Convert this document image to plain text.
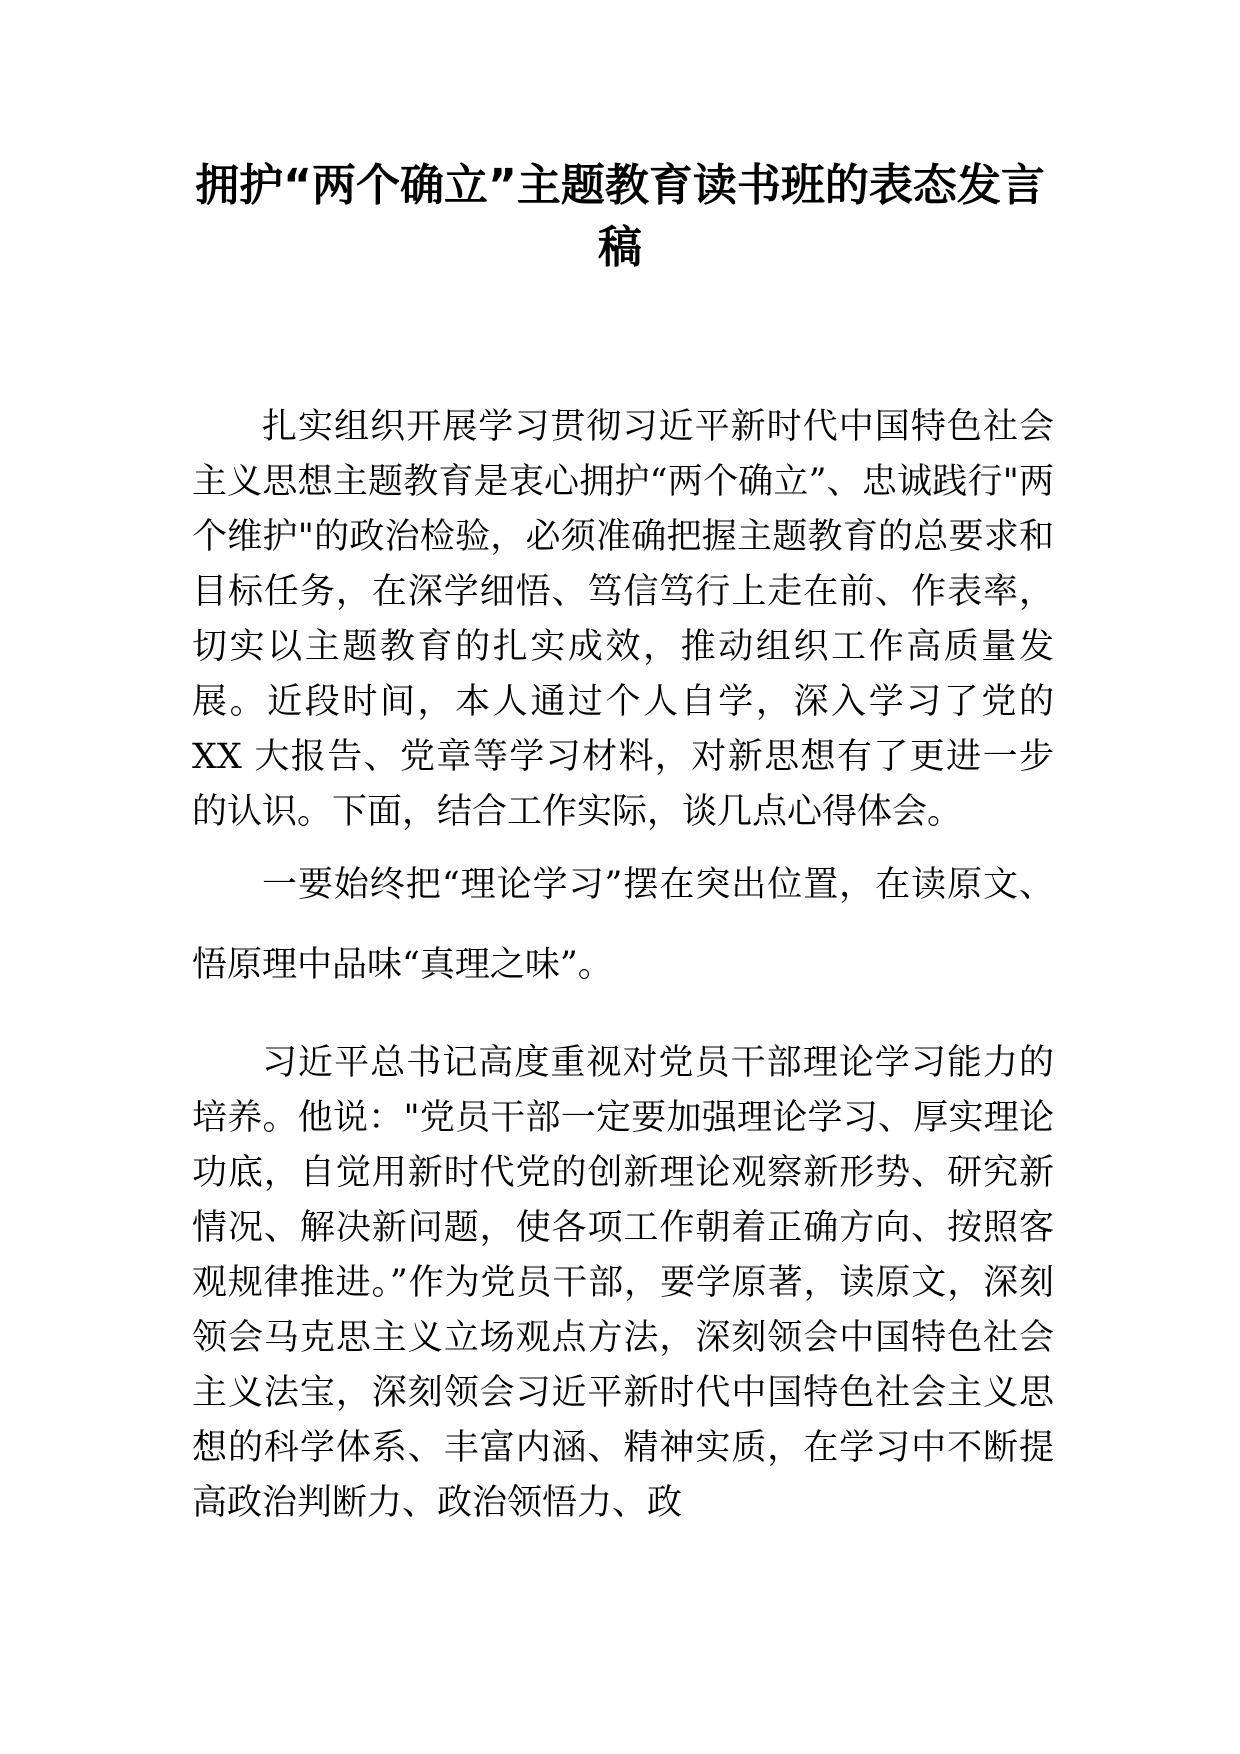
拥护“两个确立”主题教育读书班的表态发言稿

扎实组织开展学习贯彻习近平新时代中国特色社会主义思想主题教育是衷心拥护“两个确立”、忠诚践行"两个维护"的政治检验，必须准确把握主题教育的总要求和目标任务，在深学细悟、笃信笃行上走在前、作表率，切实以主题教育的扎实成效，推动组织工作高质量发展。近段时间，本人通过个人自学，深入学习了党的 XX 大报告、党章等学习材料，对新思想有了更进一步的认识。下面，结合工作实际，谈几点心得体会。

一要始终把“理论学习”摆在突出位置，在读原文、悟原理中品味“真理之味”。

习近平总书记高度重视对党员干部理论学习能力的培养。他说："党员干部一定要加强理论学习、厚实理论功底，自觉用新时代党的创新理论观察新形势、研究新情况、解决新问题，使各项工作朝着正确方向、按照客观规律推进。”作为党员干部，要学原著，读原文，深刻领会马克思主义立场观点方法，深刻领会中国特色社会主义法宝，深刻领会习近平新时代中国特色社会主义思想的科学体系、丰富内涵、精神实质，在学习中不断提高政治判断力、政治领悟力、政
